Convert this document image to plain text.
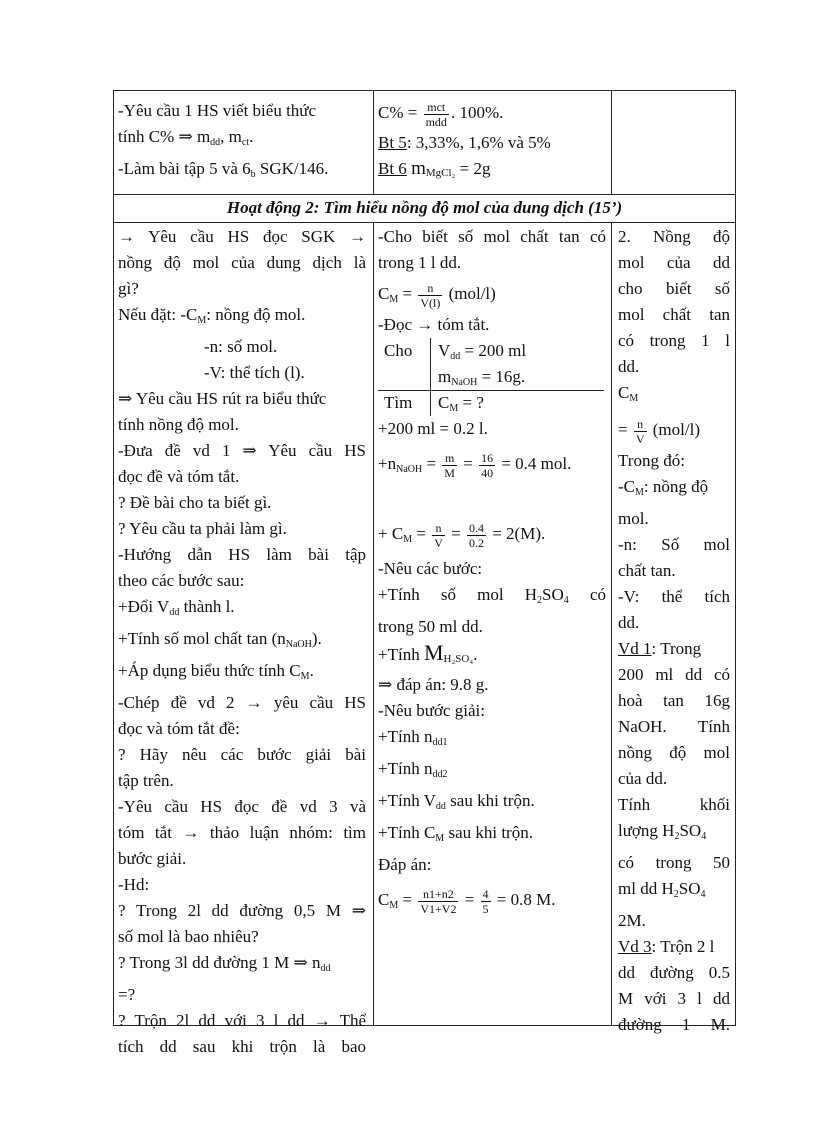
-Yêu cầu 1 HS viết biểu thức
tính C% ⇒ $m_{dd}$, $m_{ct}$.
-Làm bài tập 5 và $6_b$ SGK/146.
$C\% = \frac{\text{mct}}{\text{mdd}}$ . 100%.
Bt 5: 3,33%, 1,6% và 5%
Bt 6 mMgCl₂ = 2g
Hoạt động 2: Tìm hiểu nồng độ mol của dung dịch (15’)
→ Yêu cầu HS đọc SGK →
nồng độ mol của dung dịch là
gì?
Nếu đặt: $-C_M$: nồng độ mol.
-n: số mol.
-V: thể tích (l).
⇒ Yêu cầu HS rút ra biểu thức
tính nồng độ mol.
-Đưa đề vd 1 ⇒ Yêu cầu HS
đọc đề và tóm tắt.
? Đề bài cho ta biết gì.
? Yêu cầu ta phải làm gì.
-Hướng dẫn HS làm bài tập
theo các bước sau:
+Đổi $V_{dd}$ thành l.
+Tính số mol chất $\tan (n_{NaOH})$.
+Áp dụng biểu thức tính $C_M$.
-Chép đề vd 2 → yêu cầu HS
đọc và tóm tắt đề:
? Hãy nêu các bước giải bài
tập trên.
-Yêu cầu HS đọc đề vd 3 và
tóm tắt → thảo luận nhóm: tìm
bước giải.
-Hd:
? Trong 2l dd đường 0,5 M ⇒
số mol là bao nhiêu?
? Trong 3l dd đường 1 M ⇒ $n_{dd}$
=?
? Trộn 2l dd với 3 l dd → Thể
tích dd sau khi trộn là bao
-Cho biết số mol chất tan có
trong 1 l dd.
$C_M = \frac{n}{V(l)} (mol/l)$
-Đọc → tóm tắt.
Cho $V_{dd} = 200$ ml
$m_{NaOH} = 16g$.
Tìm $C_M$ = ?
+200 ml = 0.2 l.
$+n_{NaOH} = \frac{m}{M} = \frac{16}{40} = 0.4$ mol.
+ $C_M = \frac{n}{V} = \frac{0.4}{0.2} = 2(M)$.
-Nêu các bước:
+Tính số mol $H_2SO_4$ có
trong 50 ml dd.
+Tính MH₂SO₄.
⇒ đáp án: 9.8 g.
-Nêu bước giải:
+Tính $n_{dd1}$
+Tính $n_{dd2}$
+Tính $V_{dd}$ sau khi trộn.
+Tính $C_M$ sau khi trộn.
Đáp án:
$C_M = \frac{n1+n2}{V1+V2} = \frac{4}{5} = 0.8$ M.
2. Nồng độ
mol của dd
cho biết số
mol chất tan
có trong 1 l
dd.
$C_M$
= $\frac{n}{V} (mol/l)$
Trong đó:
$-C_M$: nồng độ
mol.
-n: Số mol
chất tan.
-V: thể tích
dd.
Vd 1: Trong
200 ml dd có
hoà tan 16g
NaOH. Tính
nồng độ mol
của dd.
Tính khối
lượng $H_2SO_4$
có trong 50
ml dd $H_2SO_4$
2M.
Vd 3: Trộn 2 l
dd đường 0.5
M với 3 l dd
đường 1 M.
